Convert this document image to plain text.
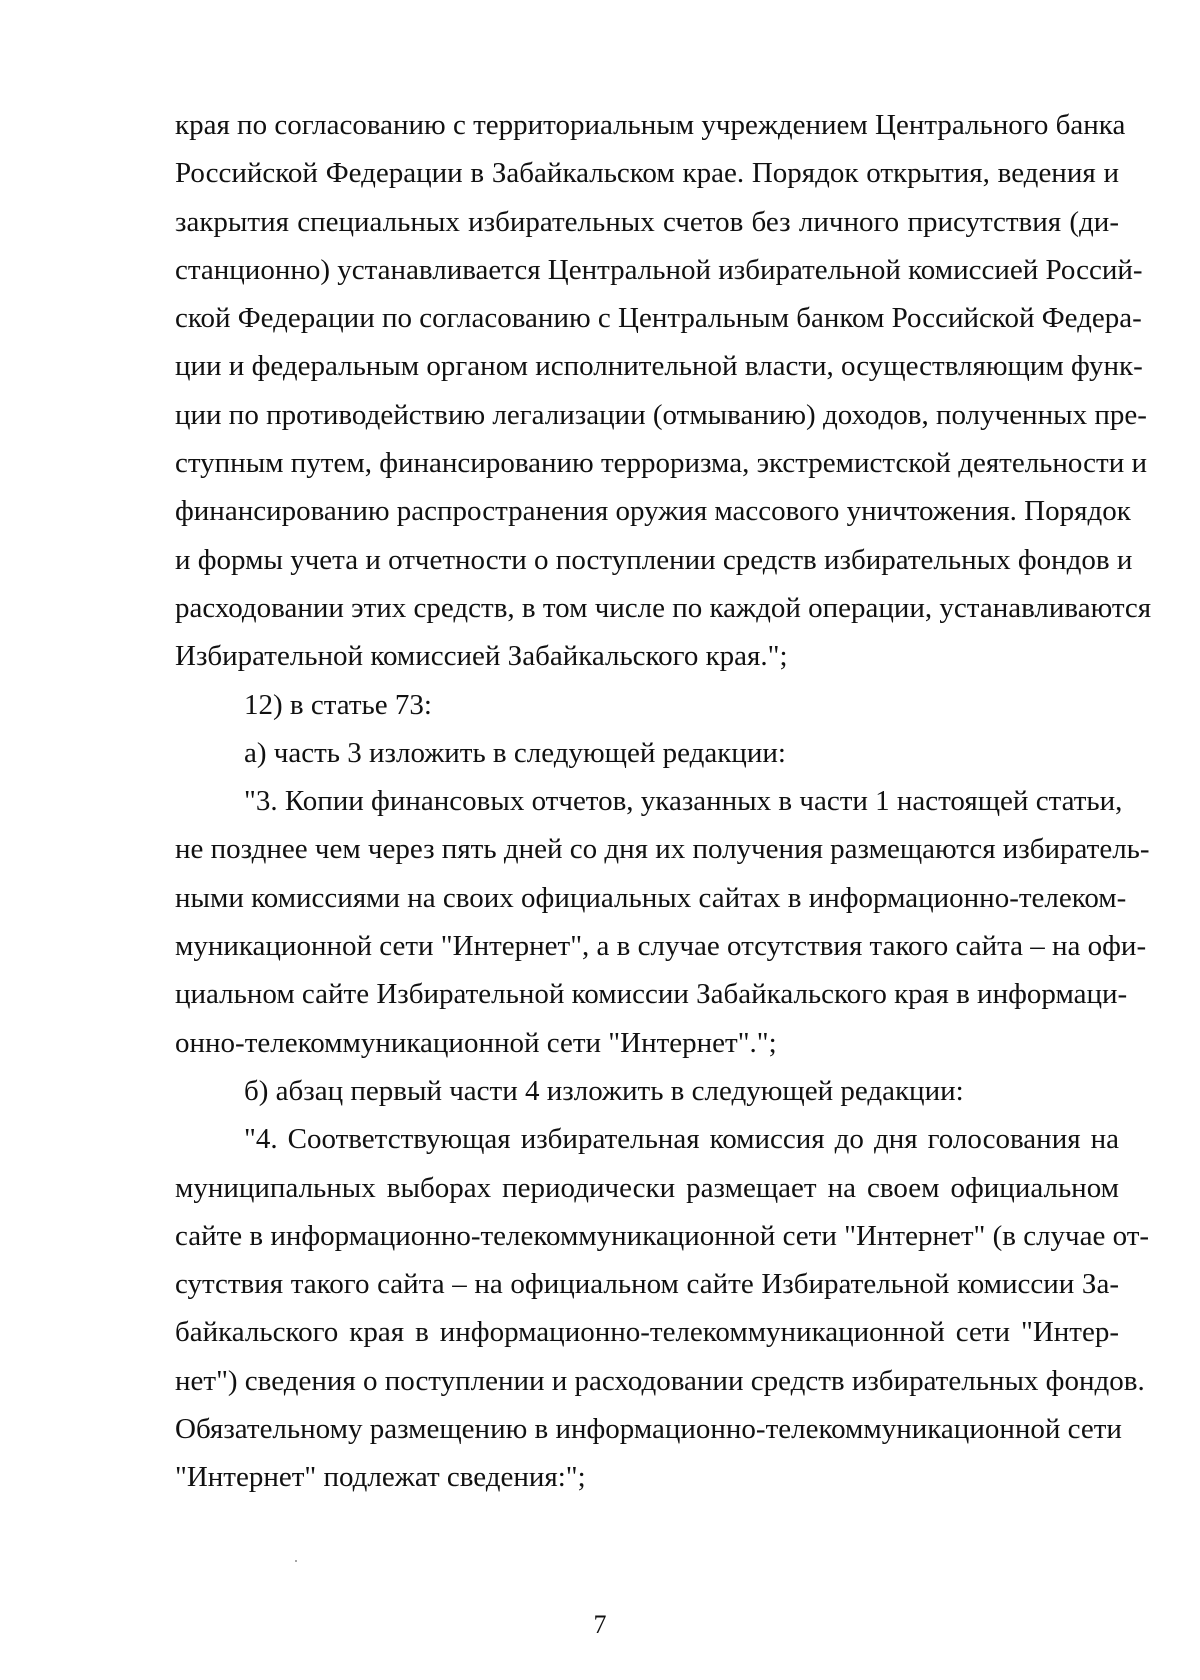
края по согласованию с территориальным учреждением Центрального банка
Российской Федерации в Забайкальском крае. Порядок открытия, ведения и
закрытия специальных избирательных счетов без личного присутствия (ди-
станционно) устанавливается Центральной избирательной комиссией Россий-
ской Федерации по согласованию с Центральным банком Российской Федера-
ции и федеральным органом исполнительной власти, осуществляющим функ-
ции по противодействию легализации (отмыванию) доходов, полученных пре-
ступным путем, финансированию терроризма, экстремистской деятельности и
финансированию распространения оружия массового уничтожения. Порядок
и формы учета и отчетности о поступлении средств избирательных фондов и
расходовании этих средств, в том числе по каждой операции, устанавливаются
Избирательной комиссией Забайкальского края.";

12) в статье 73:

а) часть 3 изложить в следующей редакции:

"3. Копии финансовых отчетов, указанных в части 1 настоящей статьи,
не позднее чем через пять дней со дня их получения размещаются избиратель-
ными комиссиями на своих официальных сайтах в информационно-телеком-
муникационной сети "Интернет", а в случае отсутствия такого сайта – на офи-
циальном сайте Избирательной комиссии Забайкальского края в информаци-
онно-телекоммуникационной сети "Интернет".";

б) абзац первый части 4 изложить в следующей редакции:

"4. Соответствующая избирательная комиссия до дня голосования на
муниципальных выборах периодически размещает на своем официальном
сайте в информационно-телекоммуникационной сети "Интернет" (в случае от-
сутствия такого сайта – на официальном сайте Избирательной комиссии За-
байкальского края в информационно-телекоммуникационной сети "Интер-
нет") сведения о поступлении и расходовании средств избирательных фондов.
Обязательному размещению в информационно-телекоммуникационной сети
"Интернет" подлежат сведения:";

7
